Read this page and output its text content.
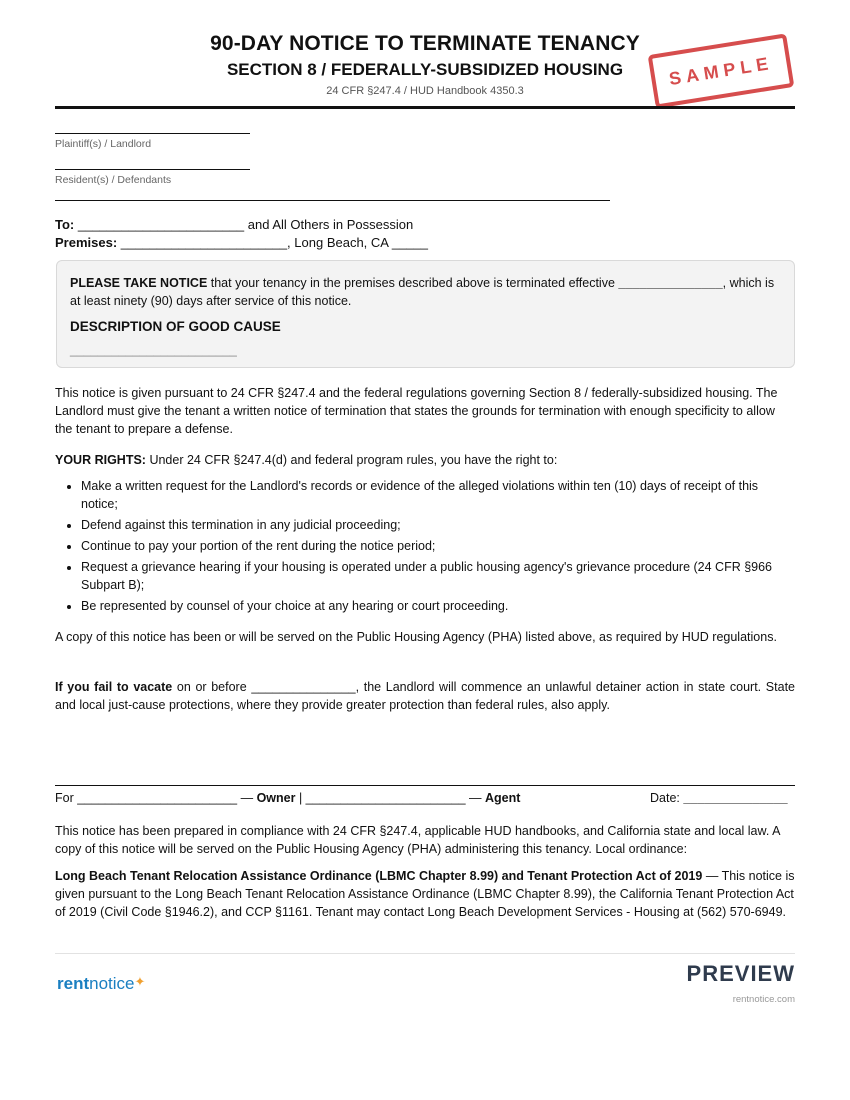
90-DAY NOTICE TO TERMINATE TENANCY
SECTION 8 / FEDERALLY-SUBSIDIZED HOUSING
24 CFR §247.4 / HUD Handbook 4350.3
SAMPLE
Plaintiff(s) / Landlord
Resident(s) / Defendants
To: _______________________ and All Others in Possession
Premises: _______________________, Long Beach, CA _____
PLEASE TAKE NOTICE that your tenancy in the premises described above is terminated effective _______________, which is at least ninety (90) days after service of this notice.
DESCRIPTION OF GOOD CAUSE
________________________
This notice is given pursuant to 24 CFR §247.4 and the federal regulations governing Section 8 / federally-subsidized housing. The Landlord must give the tenant a written notice of termination that states the grounds for termination with enough specificity to allow the tenant to prepare a defense.
YOUR RIGHTS: Under 24 CFR §247.4(d) and federal program rules, you have the right to:
• Make a written request for the Landlord's records or evidence of the alleged violations within ten (10) days of receipt of this notice;
• Defend against this termination in any judicial proceeding;
• Continue to pay your portion of the rent during the notice period;
• Request a grievance hearing if your housing is operated under a public housing agency's grievance procedure (24 CFR §966 Subpart B);
• Be represented by counsel of your choice at any hearing or court proceeding.
A copy of this notice has been or will be served on the Public Housing Agency (PHA) listed above, as required by HUD regulations.
If you fail to vacate on or before _______________, the Landlord will commence an unlawful detainer action in state court. State and local just-cause protections, where they provide greater protection than federal rules, also apply.
For _______________________ — Owner | _______________________ — Agent	Date: _______________
This notice has been prepared in compliance with 24 CFR §247.4, applicable HUD handbooks, and California state and local law. A copy of this notice will be served on the Public Housing Agency (PHA) administering this tenancy. Local ordinance:
Long Beach Tenant Relocation Assistance Ordinance (LBMC Chapter 8.99) and Tenant Protection Act of 2019 — This notice is given pursuant to the Long Beach Tenant Relocation Assistance Ordinance (LBMC Chapter 8.99), the California Tenant Protection Act of 2019 (Civil Code §1946.2), and CCP §1161. Tenant may contact Long Beach Development Services - Housing at (562) 570-6949.
rentnotice✦	PREVIEW
rentnotice.com
